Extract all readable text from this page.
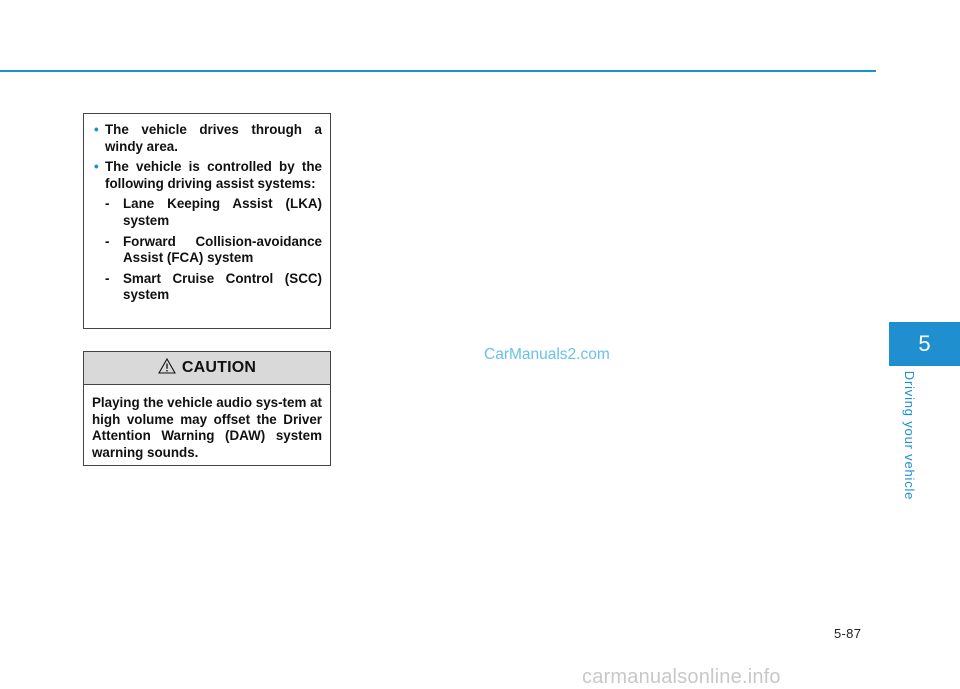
• The vehicle drives through a windy area.
• The vehicle is controlled by the following driving assist systems:
- Lane Keeping Assist (LKA) system
- Forward Collision-avoidance Assist (FCA) system
- Smart Cruise Control (SCC) system
CAUTION
Playing the vehicle audio sys-tem at high volume may offset the Driver Attention Warning (DAW) system warning sounds.
CarManuals2.com	5
Driving your vehicle
5-87
carmanualsonline.info
